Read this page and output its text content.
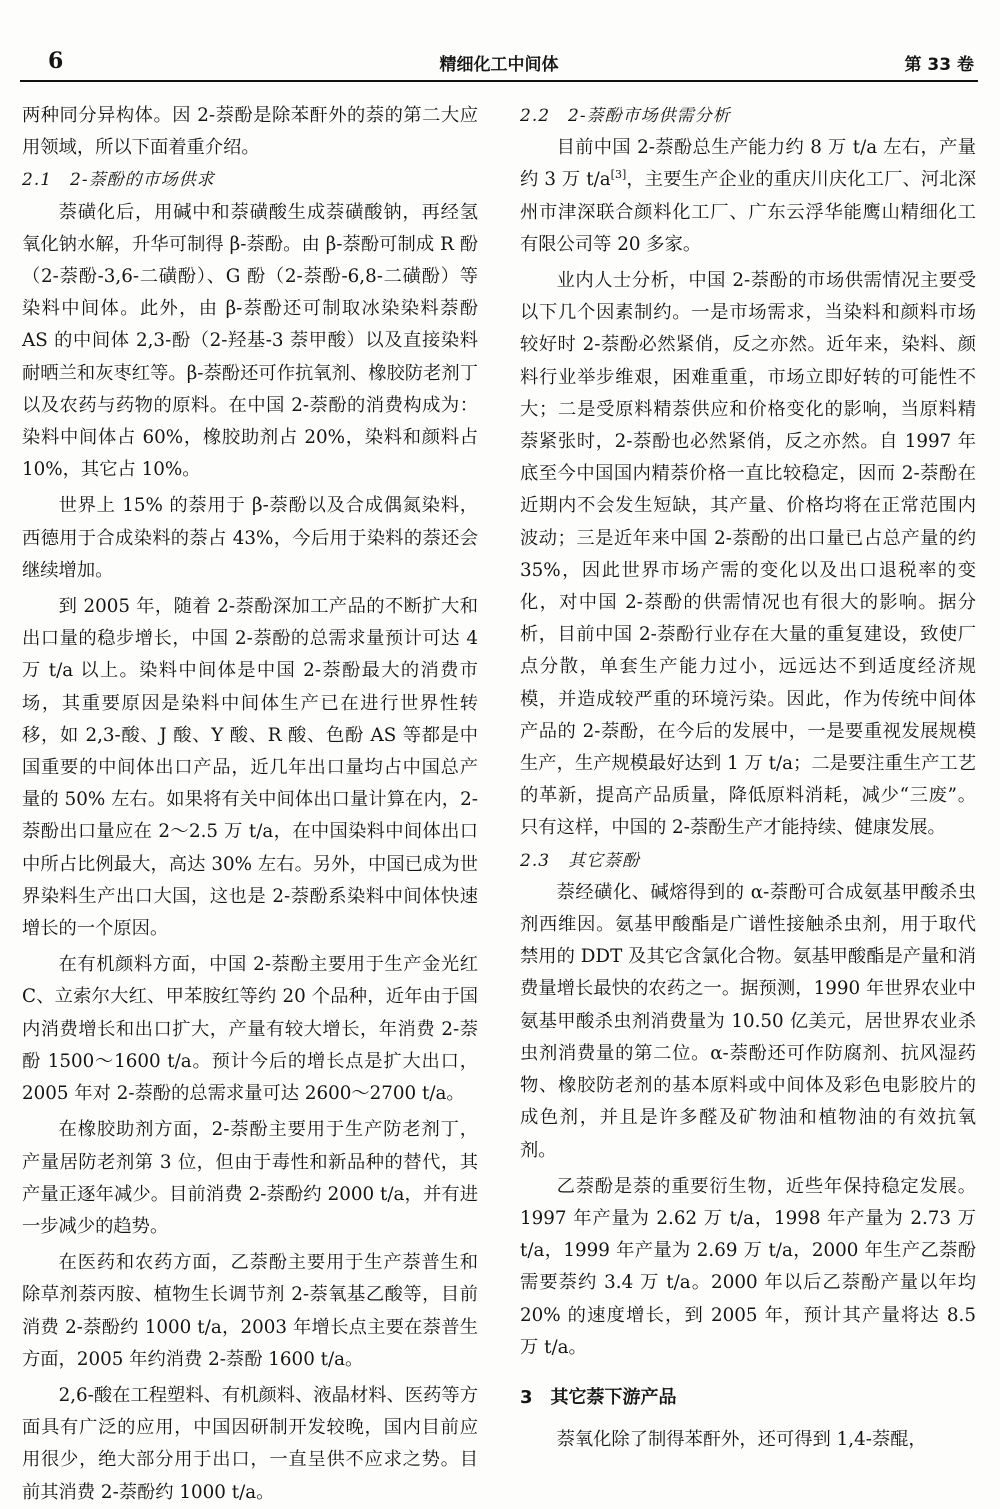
6	精细化工中间体	第 33 卷

两种同分异构体。因 2-萘酚是除苯酐外的萘的第二大应用领域，所以下面着重介绍。

2.1　2-萘酚的市场供求

萘磺化后，用碱中和萘磺酸生成萘磺酸钠，再经氢氧化钠水解，升华可制得 β-萘酚。由 β-萘酚可制成 R 酚（2-萘酚-3,6-二磺酚）、G 酚（2-萘酚-6,8-二磺酚）等染料中间体。此外，由 β-萘酚还可制取冰染染料萘酚 AS 的中间体 2,3-酚（2-羟基-3 萘甲酸）以及直接染料耐晒兰和灰枣红等。β-萘酚还可作抗氧剂、橡胶防老剂丁以及农药与药物的原料。在中国 2-萘酚的消费构成为：染料中间体占 60%，橡胶助剂占 20%，染料和颜料占 10%，其它占 10%。

世界上 15% 的萘用于 β-萘酚以及合成偶氮染料，西德用于合成染料的萘占 43%，今后用于染料的萘还会继续增加。

到 2005 年，随着 2-萘酚深加工产品的不断扩大和出口量的稳步增长，中国 2-萘酚的总需求量预计可达 4 万 t/a 以上。染料中间体是中国 2-萘酚最大的消费市场，其重要原因是染料中间体生产已在进行世界性转移，如 2,3-酸、J 酸、Y 酸、R 酸、色酚 AS 等都是中国重要的中间体出口产品，近几年出口量均占中国总产量的 50% 左右。如果将有关中间体出口量计算在内，2-萘酚出口量应在 2～2.5 万 t/a，在中国染料中间体出口中所占比例最大，高达 30% 左右。另外，中国已成为世界染料生产出口大国，这也是 2-萘酚系染料中间体快速增长的一个原因。

在有机颜料方面，中国 2-萘酚主要用于生产金光红 C、立索尔大红、甲苯胺红等约 20 个品种，近年由于国内消费增长和出口扩大，产量有较大增长，年消费 2-萘酚 1500～1600 t/a。预计今后的增长点是扩大出口，2005 年对 2-萘酚的总需求量可达 2600～2700 t/a。

在橡胶助剂方面，2-萘酚主要用于生产防老剂丁，产量居防老剂第 3 位，但由于毒性和新品种的替代，其产量正逐年减少。目前消费 2-萘酚约 2000 t/a，并有进一步减少的趋势。

在医药和农药方面，乙萘酚主要用于生产萘普生和除草剂萘丙胺、植物生长调节剂 2-萘氧基乙酸等，目前消费 2-萘酚约 1000 t/a，2003 年增长点主要在萘普生方面，2005 年约消费 2-萘酚 1600 t/a。

2,6-酸在工程塑料、有机颜料、液晶材料、医药等方面具有广泛的应用，中国因研制开发较晚，国内目前应用很少，绝大部分用于出口，一直呈供不应求之势。目前其消费 2-萘酚约 1000 t/a。

2.2　2-萘酚市场供需分析

目前中国 2-萘酚总生产能力约 8 万 t/a 左右，产量约 3 万 t/a[3]，主要生产企业的重庆川庆化工厂、河北深州市津深联合颜料化工厂、广东云浮华能鹰山精细化工有限公司等 20 多家。

业内人士分析，中国 2-萘酚的市场供需情况主要受以下几个因素制约。一是市场需求，当染料和颜料市场较好时 2-萘酚必然紧俏，反之亦然。近年来，染料、颜料行业举步维艰，困难重重，市场立即好转的可能性不大；二是受原料精萘供应和价格变化的影响，当原料精萘紧张时，2-萘酚也必然紧俏，反之亦然。自 1997 年底至今中国国内精萘价格一直比较稳定，因而 2-萘酚在近期内不会发生短缺，其产量、价格均将在正常范围内波动；三是近年来中国 2-萘酚的出口量已占总产量的约 35%，因此世界市场产需的变化以及出口退税率的变化，对中国 2-萘酚的供需情况也有很大的影响。据分析，目前中国 2-萘酚行业存在大量的重复建设，致使厂点分散，单套生产能力过小，远远达不到适度经济规模，并造成较严重的环境污染。因此，作为传统中间体产品的 2-萘酚，在今后的发展中，一是要重视发展规模生产，生产规模最好达到 1 万 t/a；二是要注重生产工艺的革新，提高产品质量，降低原料消耗，减少“三废”。只有这样，中国的 2-萘酚生产才能持续、健康发展。

2.3　其它萘酚

萘经磺化、碱熔得到的 α-萘酚可合成氨基甲酸杀虫剂西维因。氨基甲酸酯是广谱性接触杀虫剂，用于取代禁用的 DDT 及其它含氯化合物。氨基甲酸酯是产量和消费量增长最快的农药之一。据预测，1990 年世界农业中氨基甲酸杀虫剂消费量为 10.50 亿美元，居世界农业杀虫剂消费量的第二位。α-萘酚还可作防腐剂、抗风湿药物、橡胶防老剂的基本原料或中间体及彩色电影胶片的成色剂，并且是许多醛及矿物油和植物油的有效抗氧剂。

乙萘酚是萘的重要衍生物，近些年保持稳定发展。1997 年产量为 2.62 万 t/a，1998 年产量为 2.73 万 t/a，1999 年产量为 2.69 万 t/a，2000 年生产乙萘酚需要萘约 3.4 万 t/a。2000 年以后乙萘酚产量以年均 20% 的速度增长，到 2005 年，预计其产量将达 8.5 万 t/a。

3　其它萘下游产品

萘氧化除了制得苯酐外，还可得到 1,4-萘醌，
